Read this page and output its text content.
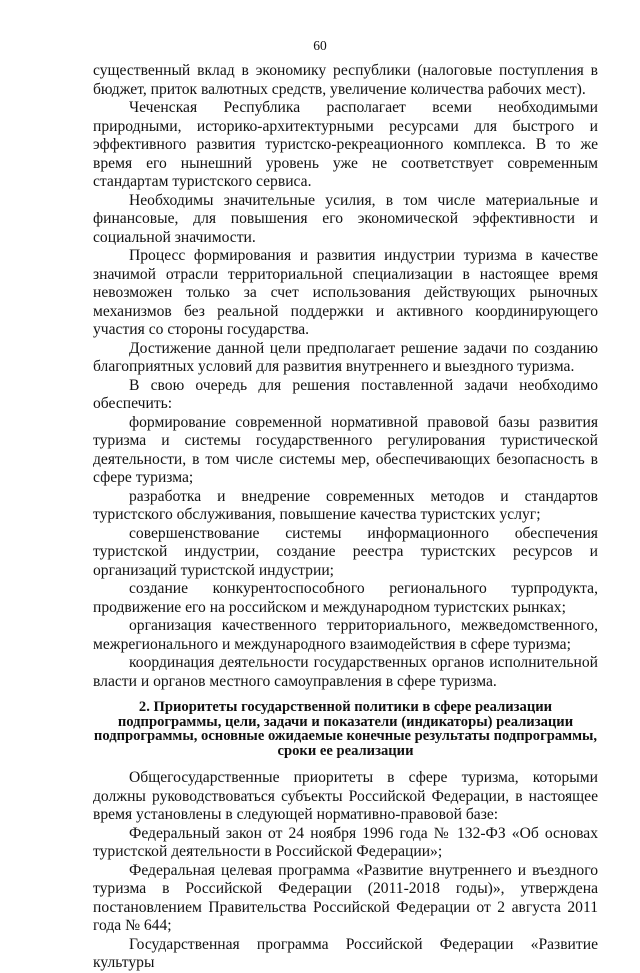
60

существенный вклад в экономику республики (налоговые поступления в бюджет, приток валютных средств, увеличение количества рабочих мест).

Чеченская Республика располагает всеми необходимыми природными, историко-архитектурными ресурсами для быстрого и эффективного развития туристско-рекреационного комплекса. В то же время его нынешний уровень уже не соответствует современным стандартам туристского сервиса.

Необходимы значительные усилия, в том числе материальные и финансовые, для повышения его экономической эффективности и социальной значимости.

Процесс формирования и развития индустрии туризма в качестве значимой отрасли территориальной специализации в настоящее время невозможен только за счет использования действующих рыночных механизмов без реальной поддержки и активного координирующего участия со стороны государства.

Достижение данной цели предполагает решение задачи по созданию благоприятных условий для развития внутреннего и выездного туризма.

В свою очередь для решения поставленной задачи необходимо обеспечить:

формирование современной нормативной правовой базы развития туризма и системы государственного регулирования туристической деятельности, в том числе системы мер, обеспечивающих безопасность в сфере туризма;

разработка и внедрение современных методов и стандартов туристского обслуживания, повышение качества туристских услуг;

совершенствование системы информационного обеспечения туристской индустрии, создание реестра туристских ресурсов и организаций туристской индустрии;

создание конкурентоспособного регионального турпродукта, продвижение его на российском и международном туристских рынках;

организация качественного территориального, межведомственного, межрегионального и международного взаимодействия в сфере туризма;

координация деятельности государственных органов исполнительной власти и органов местного самоуправления в сфере туризма.

2. Приоритеты государственной политики в сфере реализации подпрограммы, цели, задачи и показатели (индикаторы) реализации подпрограммы, основные ожидаемые конечные результаты подпрограммы, сроки ее реализации

Общегосударственные приоритеты в сфере туризма, которыми должны руководствоваться субъекты Российской Федерации, в настоящее время установлены в следующей нормативно-правовой базе:

Федеральный закон от 24 ноября 1996 года № 132-ФЗ «Об основах туристской деятельности в Российской Федерации»;

Федеральная целевая программа «Развитие внутреннего и въездного туризма в Российской Федерации (2011-2018 годы)», утверждена постановлением Правительства Российской Федерации от 2 августа 2011 года № 644;

Государственная программа Российской Федерации «Развитие культуры
